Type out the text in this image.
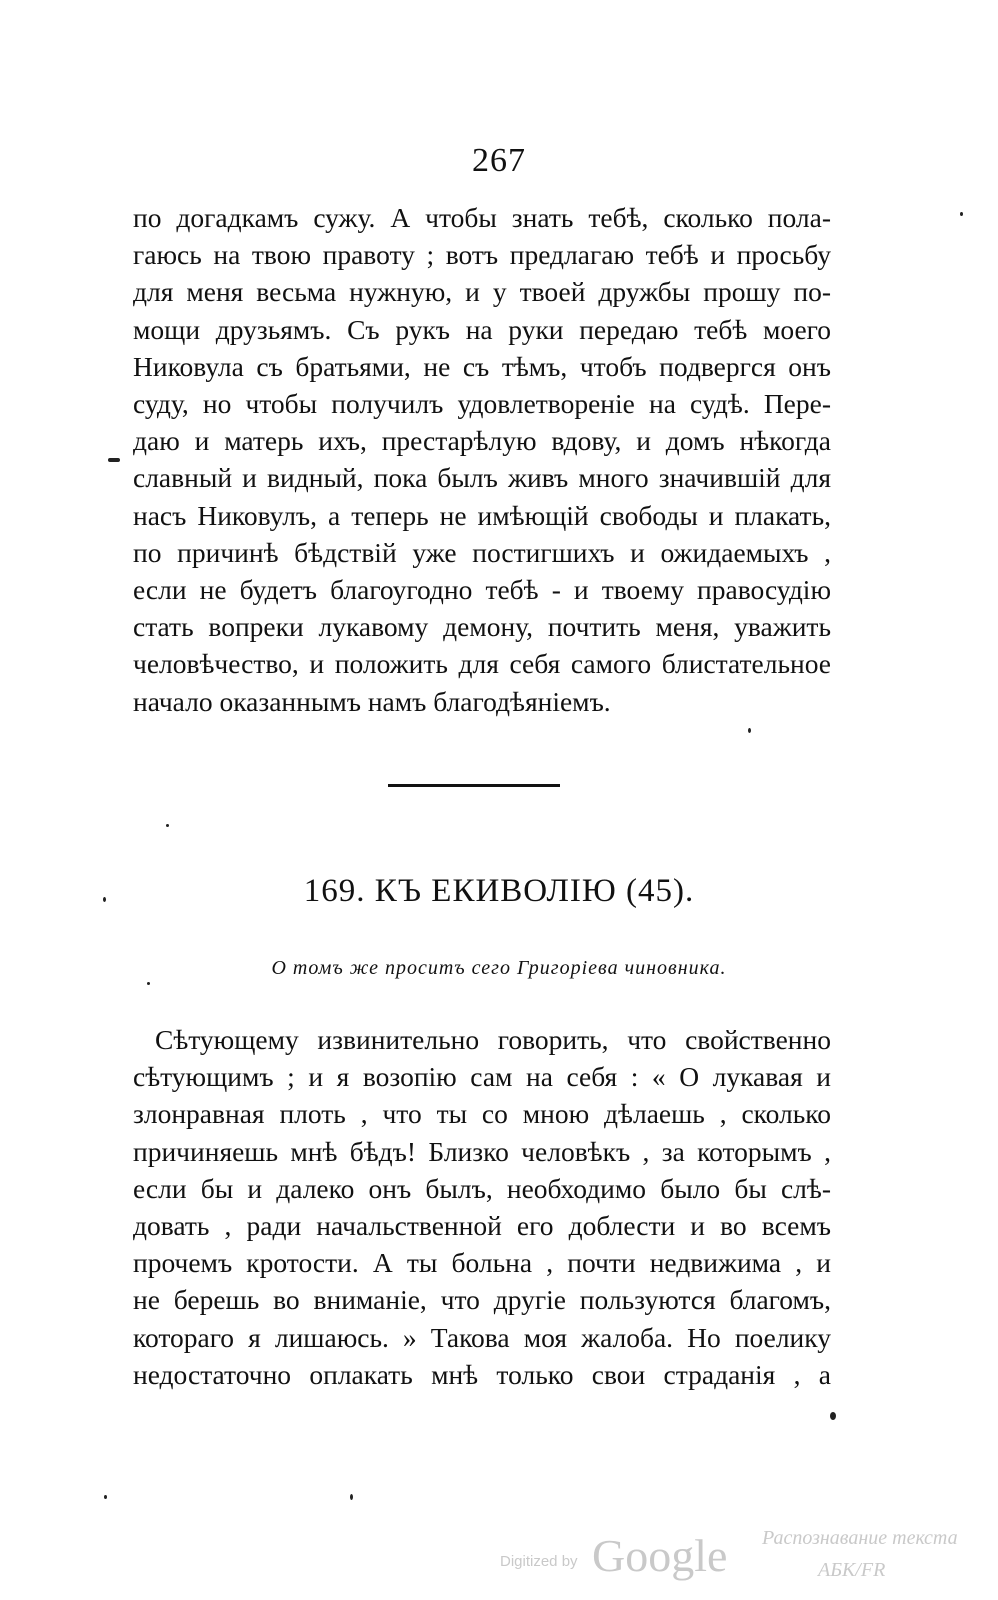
267
по догадкамъ сужу. А чтобы знать тебѣ, сколько пола-
гаюсь на твою правоту ; вотъ предлагаю тебѣ и просьбу
для меня весьма нужную, и у твоей дружбы прошу по-
мощи друзьямъ. Съ рукъ на руки передаю тебѣ моего
Никовула съ братьями, не съ тѣмъ, чтобъ подвергся онъ
суду, но чтобы получилъ удовлетвореніе на судѣ. Пере-
даю и матерь ихъ, престарѣлую вдову, и домъ нѣкогда
славный и видный, пока былъ живъ много значившій для
насъ Никовулъ, а теперь не имѣющій свободы и плакать,
по причинѣ бѣдствій уже постигшихъ и ожидаемыхъ ,
если не будетъ благоугодно тебѣ - и твоему правосудію
стать вопреки лукавому демону, почтить меня, уважить
человѣчество, и положить для себя самого блистательное
начало оказаннымъ намъ благодѣяніемъ.
169. КЪ ЕКИВОЛІЮ (45).
О томъ же проситъ сего Григоріева чиновника.
Сѣтующему извинительно говорить, что свойственно
сѣтующимъ ; и я возопію сам на себя : « О лукавая и
злонравная плоть , что ты со мною дѣлаешь , сколько
причиняешь мнѣ бѣдъ! Близко человѣкъ , за которымъ ,
если бы и далеко онъ былъ, необходимо было бы слѣ-
довать , ради начальственной его доблести и во всемъ
прочемъ кротости. А ты больна , почти недвижима , и
не берешь во вниманіе, что другіе пользуются благомъ,
котораго я лишаюсь. » Такова моя жалоба. Но поелику
недостаточно оплакать мнѣ только свои страданія , а
Digitized by Google Распознавание текста
АБК/FR
